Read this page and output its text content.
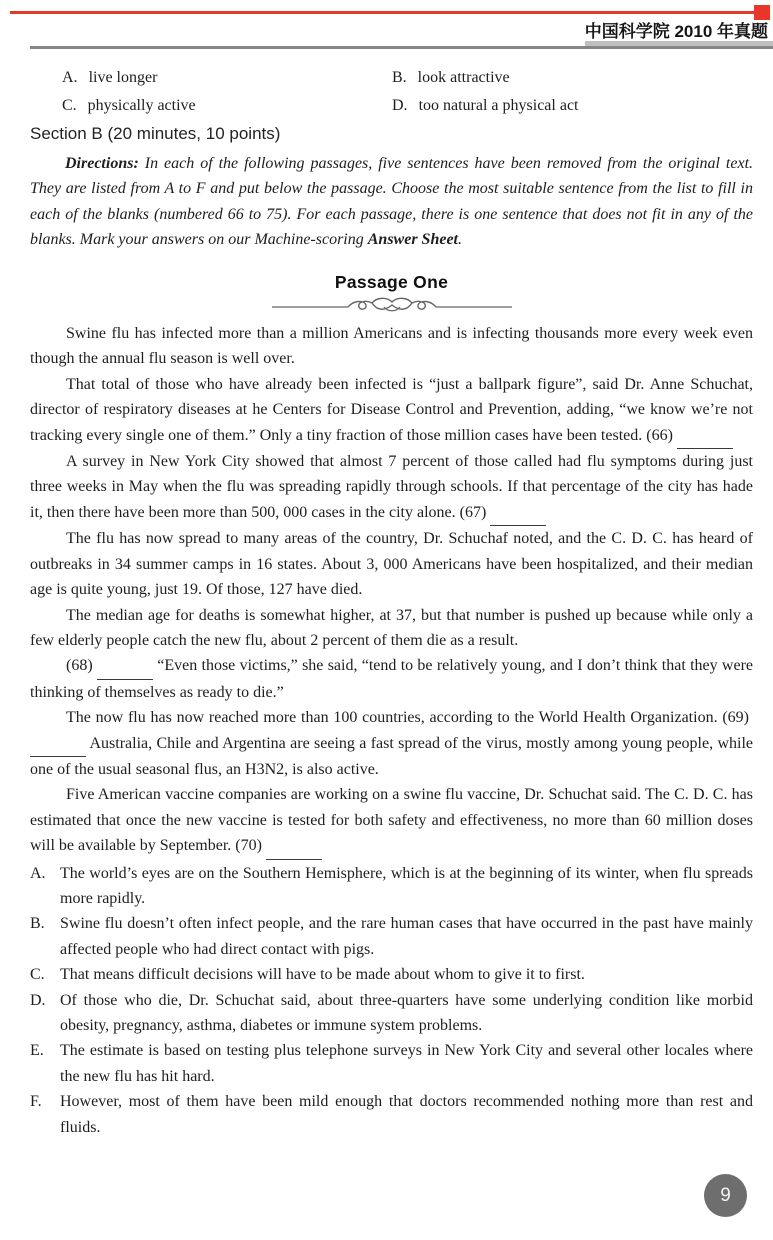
中国科学院 2010 年真题
A. live longer	B. look attractive
C. physically active	D. too natural a physical act
Section B (20 minutes, 10 points)

Directions: In each of the following passages, five sentences have been removed from the original text. They are listed from A to F and put below the passage. Choose the most suitable sentence from the list to fill in each of the blanks (numbered 66 to 75). For each passage, there is one sentence that does not fit in any of the blanks. Mark your answers on our Machine-scoring Answer Sheet.

Passage One

Swine flu has infected more than a million Americans and is infecting thousands more every week even though the annual flu season is well over.

That total of those who have already been infected is “just a ballpark figure”, said Dr. Anne Schuchat, director of respiratory diseases at he Centers for Disease Control and Prevention, adding, “we know we’re not tracking every single one of them.” Only a tiny fraction of those million cases have been tested. (66)

A survey in New York City showed that almost 7 percent of those called had flu symptoms during just three weeks in May when the flu was spreading rapidly through schools. If that percentage of the city has hade it, then there have been more than 500, 000 cases in the city alone. (67)

The flu has now spread to many areas of the country, Dr. Schuchaf noted, and the C. D. C. has heard of outbreaks in 34 summer camps in 16 states. About 3, 000 Americans have been hospitalized, and their median age is quite young, just 19. Of those, 127 have died.

The median age for deaths is somewhat higher, at 37, but that number is pushed up because while only a few elderly people catch the new flu, about 2 percent of them die as a result.

(68)	“Even those victims,” she said, “tend to be relatively young, and I don’t think that they were thinking of themselves as ready to die.”

The now flu has now reached more than 100 countries, according to the World Health Organization. (69)   Australia, Chile and Argentina are seeing a fast spread of the virus, mostly among young people, while one of the usual seasonal flus, an H3N2, is also active.

Five American vaccine companies are working on a swine flu vaccine, Dr. Schuchat said. The C. D. C. has estimated that once the new vaccine is tested for both safety and effectiveness, no more than 60 million doses will be available by September. (70)

A. The world’s eyes are on the Southern Hemisphere, which is at the beginning of its winter, when flu spreads more rapidly.

B. Swine flu doesn’t often infect people, and the rare human cases that have occurred in the past have mainly affected people who had direct contact with pigs.

C. That means difficult decisions will have to be made about whom to give it to first.

D. Of those who die, Dr. Schuchat said, about three-quarters have some underlying condition like morbid obesity, pregnancy, asthma, diabetes or immune system problems.

E. The estimate is based on testing plus telephone surveys in New York City and several other locales where the new flu has hit hard.

F. However, most of them have been mild enough that doctors recommended nothing more than rest and fluids.

9
